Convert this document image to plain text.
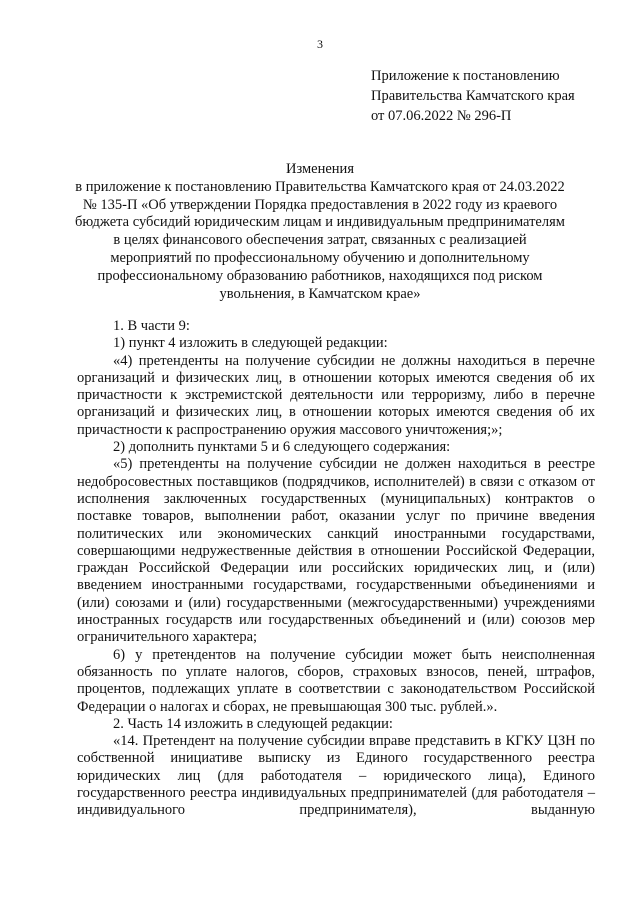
3
Приложение к постановлению
Правительства Камчатского края
от 07.06.2022 № 296-П
Изменения
в приложение к постановлению Правительства Камчатского края от 24.03.2022
№ 135-П «Об утверждении Порядка предоставления в 2022 году из краевого
бюджета субсидий юридическим лицам и индивидуальным предпринимателям
в целях финансового обеспечения затрат, связанных с реализацией
мероприятий по профессиональному обучению и дополнительному
профессиональному образованию работников, находящихся под риском
увольнения, в Камчатском крае»

1. В части 9:

1) пункт 4 изложить в следующей редакции:

«4) претенденты на получение субсидии не должны находиться в перечне организаций и физических лиц, в отношении которых имеются сведения об их причастности к экстремистской деятельности или терроризму, либо в перечне организаций и физических лиц, в отношении которых имеются сведения об их причастности к распространению оружия массового уничтожения;»;

2) дополнить пунктами 5 и 6 следующего содержания:

«5) претенденты на получение субсидии не должен находиться в реестре недобросовестных поставщиков (подрядчиков, исполнителей) в связи с отказом от исполнения заключенных государственных (муниципальных) контрактов о поставке товаров, выполнении работ, оказании услуг по причине введения политических или экономических санкций иностранными государствами, совершающими недружественные действия в отношении Российской Федерации, граждан Российской Федерации или российских юридических лиц, и (или) введением иностранными государствами, государственными объединениями и (или) союзами и (или) государственными (межгосударственными) учреждениями иностранных государств или государственных объединений и (или) союзов мер ограничительного характера;

6) у претендентов на получение субсидии может быть неисполненная обязанность по уплате налогов, сборов, страховых взносов, пеней, штрафов, процентов, подлежащих уплате в соответствии с законодательством Российской Федерации о налогах и сборах, не превышающая 300 тыс. рублей.».

2. Часть 14 изложить в следующей редакции:

«14. Претендент на получение субсидии вправе представить в КГКУ ЦЗН по собственной инициативе выписку из Единого государственного реестра юридических лиц (для работодателя – юридического лица), Единого государственного реестра индивидуальных предпринимателей (для работодателя – индивидуального предпринимателя), выданную
